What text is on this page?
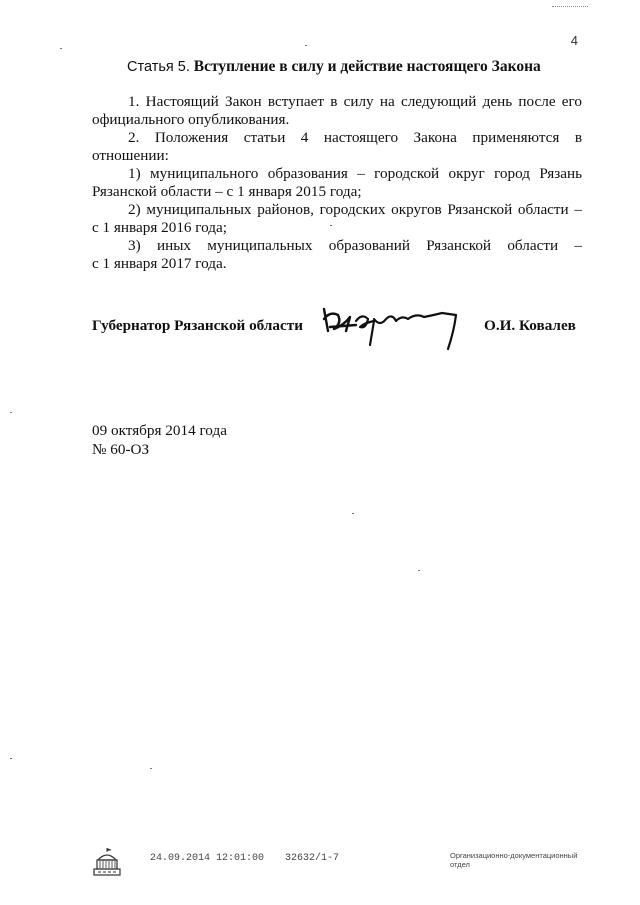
4
Статья 5. Вступление в силу и действие настоящего Закона

1. Настоящий Закон вступает в силу на следующий день после его

официального опубликования.

2. Положения статьи 4 настоящего Закона применяются в

отношении:

1) муниципального образования – городской округ город Рязань

Рязанской области – с 1 января 2015 года;

2) муниципальных районов, городских округов Рязанской области –

с 1 января 2016 года;

3) иных муниципальных образований Рязанской области –

с 1 января 2017 года.

Губернатор Рязанской области	О.И. Ковалев
09 октября 2014 года
№ 60-ОЗ
24.09.2014 12:01:00 32632/1-7	Организационно-документационный
отдел
